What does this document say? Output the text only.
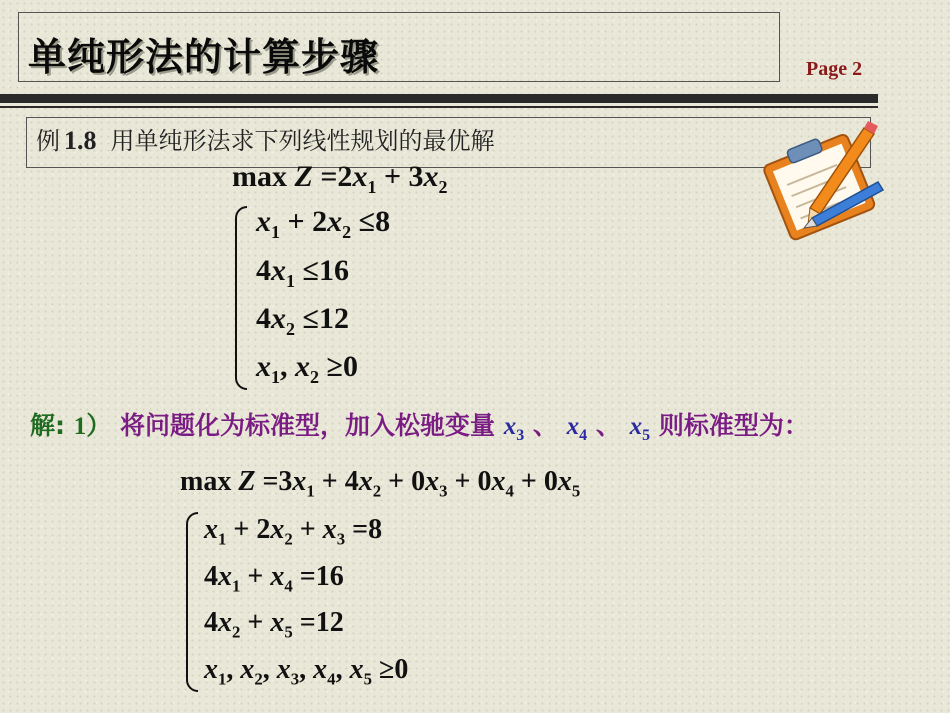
单纯形法的计算步骤	Page 2
例 1.8 用单纯形法求下列线性规划的最优解
$\max Z =2x_1 + 3x_2$
$x_1 + 2x_2 \le 8$
$4x_1 \le 16$
$4x_2 \le 12$
$x_1$, $x_2 \ge 0$
解: 1） 将问题化为标准型，加入松驰变量 $x_3$ 、 $x_4$ 、 $x_5$ 则标准型为：
$\max Z =3x_1 + 4x_2 + 0x_3 + 0x_4 + 0x_5$
$x_1 + 2x_2 + x_3 =8$
$4x_1 + x_4 =16$
$4x_2 + x_5 =12$
$x_1$, $x_2$, $x_3$, $x_4$, $x_5 \ge 0$
